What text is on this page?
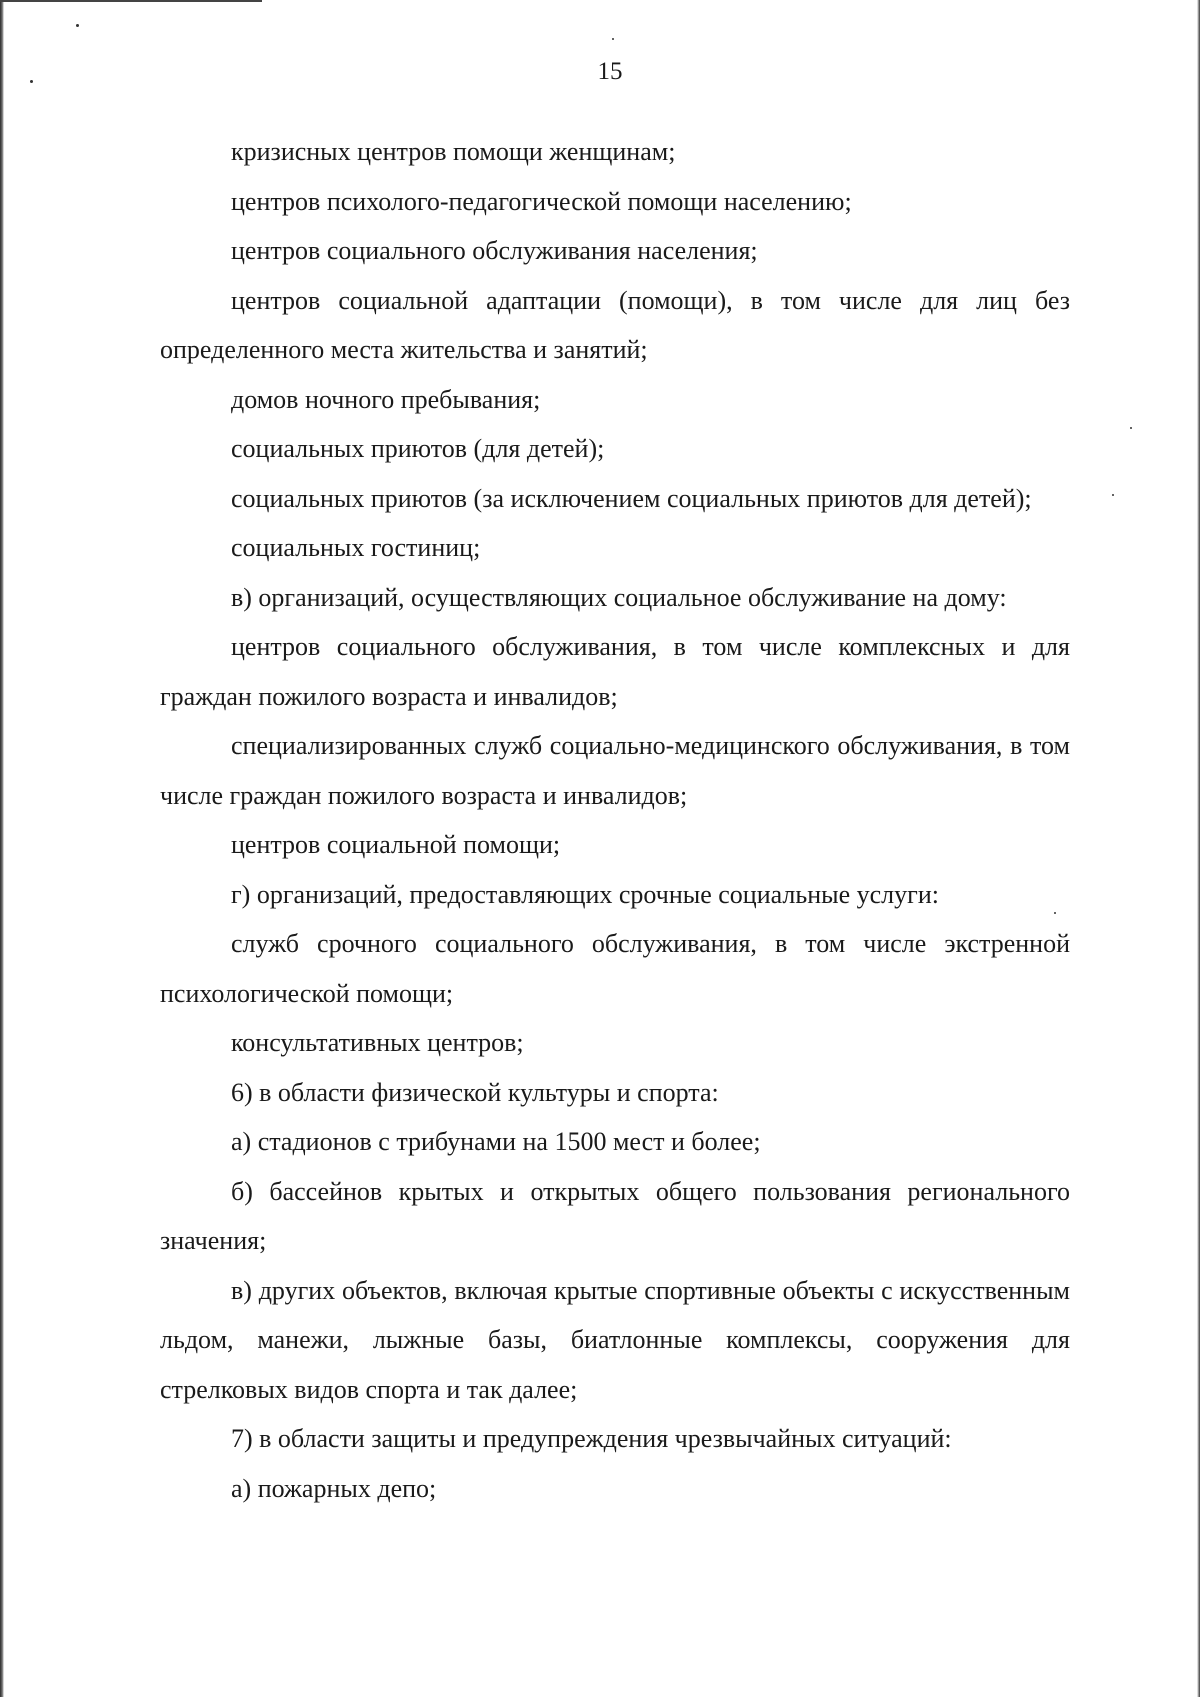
15

кризисных центров помощи женщинам;

центров психолого-педагогической помощи населению;

центров социального обслуживания населения;

центров социальной адаптации (помощи), в том числе для лиц без определенного места жительства и занятий;

домов ночного пребывания;

социальных приютов (для детей);

социальных приютов (за исключением социальных приютов для детей);

социальных гостиниц;

в) организаций, осуществляющих социальное обслуживание на дому:

центров социального обслуживания, в том числе комплексных и для граждан пожилого возраста и инвалидов;

специализированных служб социально-медицинского обслуживания, в том числе граждан пожилого возраста и инвалидов;

центров социальной помощи;

г) организаций, предоставляющих срочные социальные услуги:

служб срочного социального обслуживания, в том числе экстренной психологической помощи;

консультативных центров;

6) в области физической культуры и спорта:

а) стадионов с трибунами на 1500 мест и более;

б) бассейнов крытых и открытых общего пользования регионального значения;

в) других объектов, включая крытые спортивные объекты с искусственным льдом, манежи, лыжные базы, биатлонные комплексы, сооружения для стрелковых видов спорта и так далее;

7) в области защиты и предупреждения чрезвычайных ситуаций:

а) пожарных депо;
